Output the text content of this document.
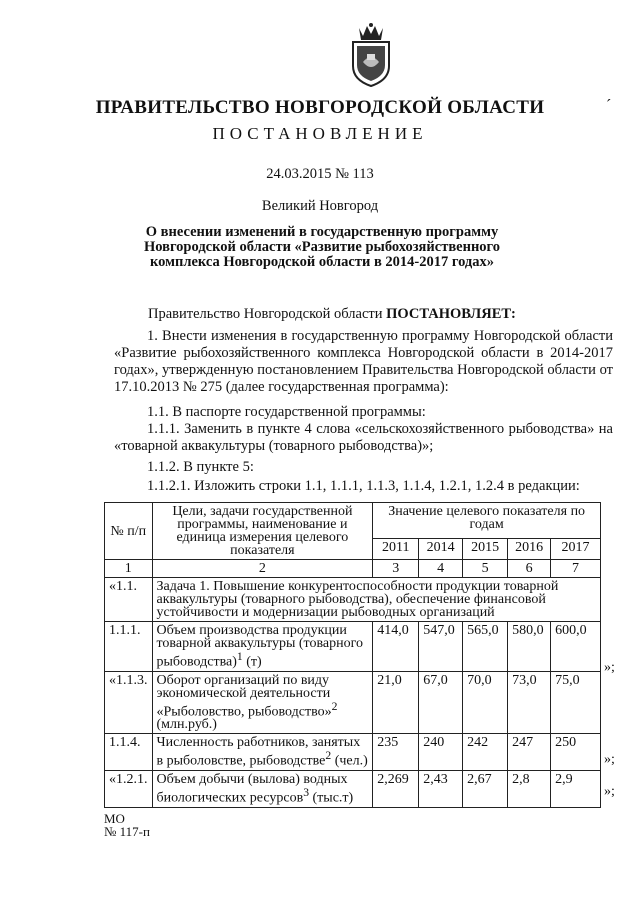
ПРАВИТЕЛЬСТВО НОВГОРОДСКОЙ ОБЛАСТИ	ˊ
ПОСТАНОВЛЕНИЕ
24.03.2015 № 113
Великий Новгород
О внесении изменений в государственную программу Новгородской области «Развитие рыбохозяйственного комплекса Новгородской области в 2014-2017 годах»
Правительство Новгородской области ПОСТАНОВЛЯЕТ:
1. Внести изменения в государственную программу Новгородской области «Развитие рыбохозяйственного комплекса Новгородской области в 2014-2017 годах», утвержденную постановлением Правительства Новгородской области от 17.10.2013 № 275 (далее государственная программа):
1.1. В паспорте государственной программы:
1.1.1. Заменить в пункте 4 слова «сельскохозяйственного рыбоводства» на «товарной аквакультуры (товарного рыбоводства)»;
1.1.2. В пункте 5:
1.1.2.1. Изложить строки 1.1, 1.1.1, 1.1.3, 1.1.4, 1.2.1, 1.2.4 в редакции:
№ п/п	Цели, задачи государственной программы, наименование и единица измерения целевого показателя	Значение целевого показателя по годам				
		2011	2014	2015	2016	2017
1	2	3	4	5	6	7
«1.1.	Задача 1. Повышение конкурентоспособности продукции товарной аквакультуры (товарного рыбоводства), обеспечение финансовой устойчивости и модернизации рыбоводных организаций					
1.1.1.	Объем производства продукции товарной аквакультуры (товарного рыбоводства)$^1$ (т)	414,0	547,0	565,0	580,0	600,0
«1.1.3.	Оборот организаций по виду экономической деятельности «Рыболовство, рыбоводство»$^2$ (млн.руб.)	21,0	67,0	70,0	73,0	75,0
1.1.4.	Численность работников, занятых в рыболовстве, рыбоводстве$^2$ (чел.)	235	240	242	247	250
«1.2.1.	Объем добычи (вылова) водных биологических ресурсов$^3$ (тыс.т)	2,269	2,43	2,67	2,8	2,9
»;
»;
»;
МО
№ 117-п
